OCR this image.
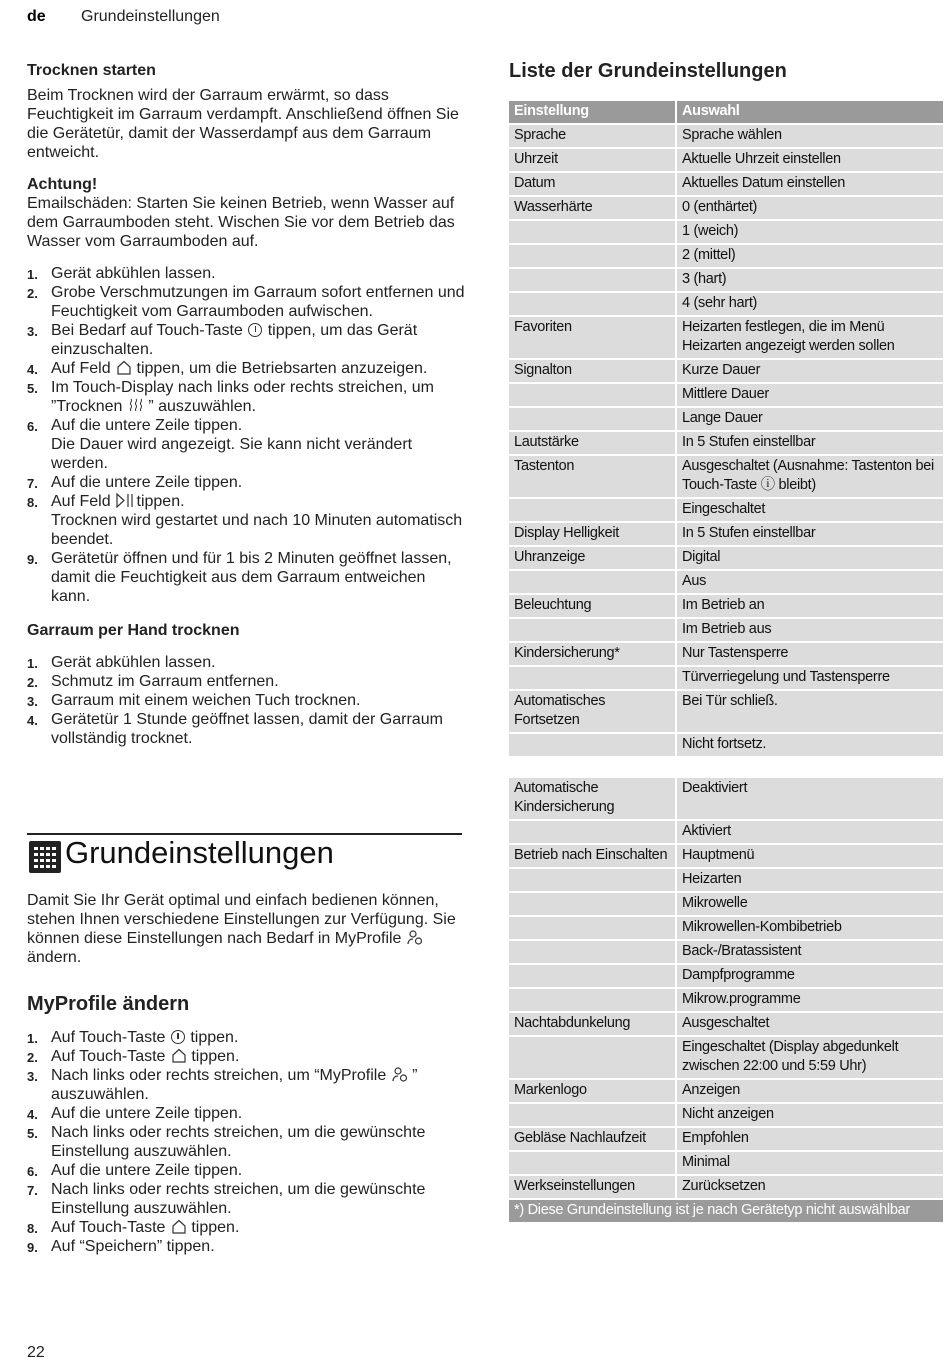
de Grundeinstellungen
Trocknen starten

Beim Trocknen wird der Garraum erwärmt, so dass Feuchtigkeit im Garraum verdampft. Anschließend öffnen Sie die Gerätetür, damit der Wasserdampf aus dem Garraum entweicht.

Achtung!

Emailschäden: Starten Sie keinen Betrieb, wenn Wasser auf dem Garraumboden steht. Wischen Sie vor dem Betrieb das Wasser vom Garraumboden auf.

1. Gerät abkühlen lassen.
2. Grobe Verschmutzungen im Garraum sofort entfernen und Feuchtigkeit vom Garraumboden aufwischen.
3. Bei Bedarf auf Touch-Taste tippen, um das Gerät einzuschalten.
4. Auf Feld tippen, um die Betriebsarten anzuzeigen.
5. Im Touch-Display nach links oder rechts streichen, um ”Trocknen ” auszuwählen.
6. Auf die untere Zeile tippen.
Die Dauer wird angezeigt. Sie kann nicht verändert werden.
7. Auf die untere Zeile tippen.
8. Auf Feld tippen.
Trocknen wird gestartet und nach 10 Minuten automatisch beendet.
9. Gerätetür öffnen und für 1 bis 2 Minuten geöffnet lassen, damit die Feuchtigkeit aus dem Garraum entweichen kann.
Garraum per Hand trocknen
1. Gerät abkühlen lassen.
2. Schmutz im Garraum entfernen.
3. Garraum mit einem weichen Tuch trocknen.
4. Gerätetür 1 Stunde geöffnet lassen, damit der Garraum vollständig trocknet.
Grundeinstellungen

Damit Sie Ihr Gerät optimal und einfach bedienen können, stehen Ihnen verschiedene Einstellungen zur Verfügung. Sie können diese Einstellungen nach Bedarf in MyProfile  ändern.

MyProfile ändern
1. Auf Touch-Taste tippen.
2. Auf Touch-Taste tippen.
3. Nach links oder rechts streichen, um “MyProfile ” auszuwählen.
4. Auf die untere Zeile tippen.
5. Nach links oder rechts streichen, um die gewünschte Einstellung auszuwählen.
6. Auf die untere Zeile tippen.
7. Nach links oder rechts streichen, um die gewünschte Einstellung auszuwählen.
8. Auf Touch-Taste tippen.
9. Auf “Speichern” tippen.
Liste der Grundeinstellungen
Einstellung	Auswahl
Sprache	Sprache wählen
Uhrzeit	Aktuelle Uhrzeit einstellen
Datum	Aktuelles Datum einstellen
Wasserhärte	0 (enthärtet)
	1 (weich)
	2 (mittel)
	3 (hart)
	4 (sehr hart)
Favoriten	Heizarten festlegen, die im Menü Heizarten angezeigt werden sollen
Signalton	Kurze Dauer
	Mittlere Dauer
	Lange Dauer
Lautstärke	In 5 Stufen einstellbar
Tastenton	Ausgeschaltet (Ausnahme: Tastenton bei Touch-Taste ⓘ bleibt)
	Eingeschaltet
Display Helligkeit	In 5 Stufen einstellbar
Uhranzeige	Digital
	Aus
Beleuchtung	Im Betrieb an
	Im Betrieb aus
Kindersicherung*	Nur Tastensperre
	Türverriegelung und Tastensperre
Automatisches Fortsetzen	Bei Tür schließ.
	Nicht fortsetz.

Automatische Kindersicherung	Deaktiviert
	Aktiviert
Betrieb nach Einschalten	Hauptmenü
	Heizarten
	Mikrowelle
	Mikrowellen-Kombibetrieb
	Back-/Bratassistent
	Dampfprogramme
	Mikrow.programme
Nachtabdunkelung	Ausgeschaltet
	Eingeschaltet (Display abgedunkelt zwischen 22:00 und 5:59 Uhr)
Markenlogo	Anzeigen
	Nicht anzeigen
Gebläse Nachlaufzeit	Empfohlen
	Minimal
Werkseinstellungen	Zurücksetzen
*) Diese Grundeinstellung ist je nach Gerätetyp nicht auswählbar	
22
